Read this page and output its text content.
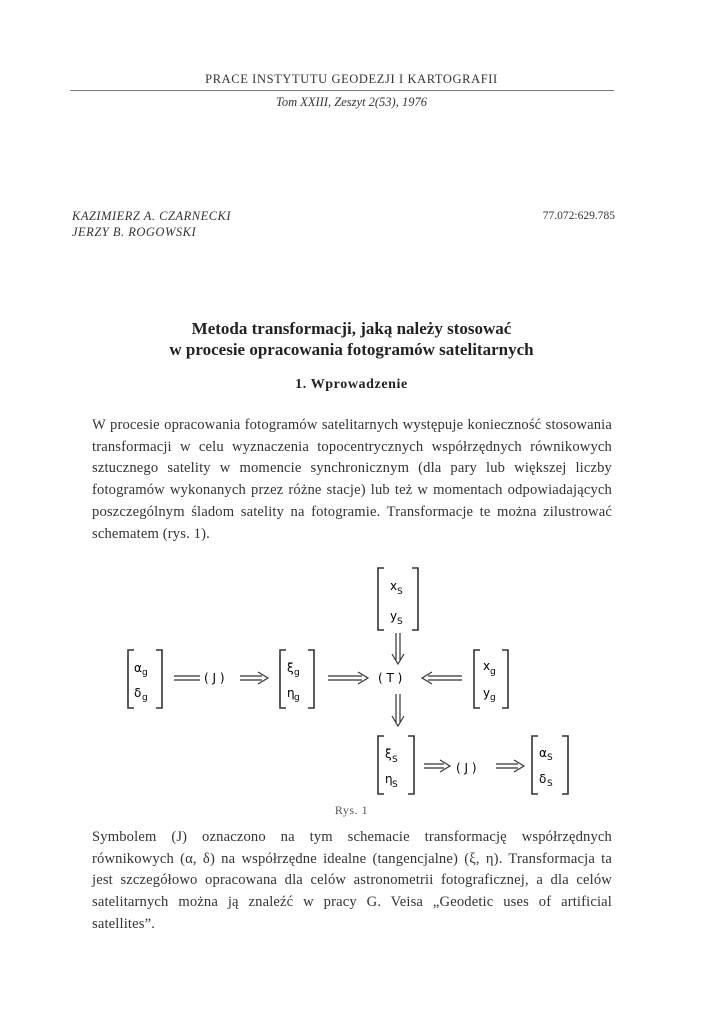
PRACE INSTYTUTU GEODEZJI I KARTOGRAFII
Tom XXIII, Zeszyt 2(53), 1976
KAZIMIERZ A. CZARNECKI
JERZY B. ROGOWSKI
77.072:629.785
Metoda transformacji, jaką należy stosować
w procesie opracowania fotogramów satelitarnych
1. Wprowadzenie
W procesie opracowania fotogramów satelitarnych występuje konieczność stosowania transformacji w celu wyznaczenia topocentrycznych współrzędnych równikowych sztucznego satelity w momencie synchronicznym (dla pary lub większej liczby fotogramów wykonanych przez różne stacje) lub też w momentach odpowiadających poszczególnym śladom satelity na fotogramie. Transformacje te można zilustrować schematem (rys. 1).
x S
y S
α g
δ g
( J )
ξ g
η g
( T )
x g
y g
ξ S
η S
( J )
α S
δ S
Rys. 1
Symbolem (J) oznaczono na tym schemacie transformację współrzędnych równikowych (α, δ) na współrzędne idealne (tangencjalne) (ξ, η). Transformacja ta jest szczegółowo opracowana dla celów astronometrii fotograficznej, a dla celów satelitarnych można ją znaleźć w pracy G. Veisa „Geodetic uses of artificial satellites”.
